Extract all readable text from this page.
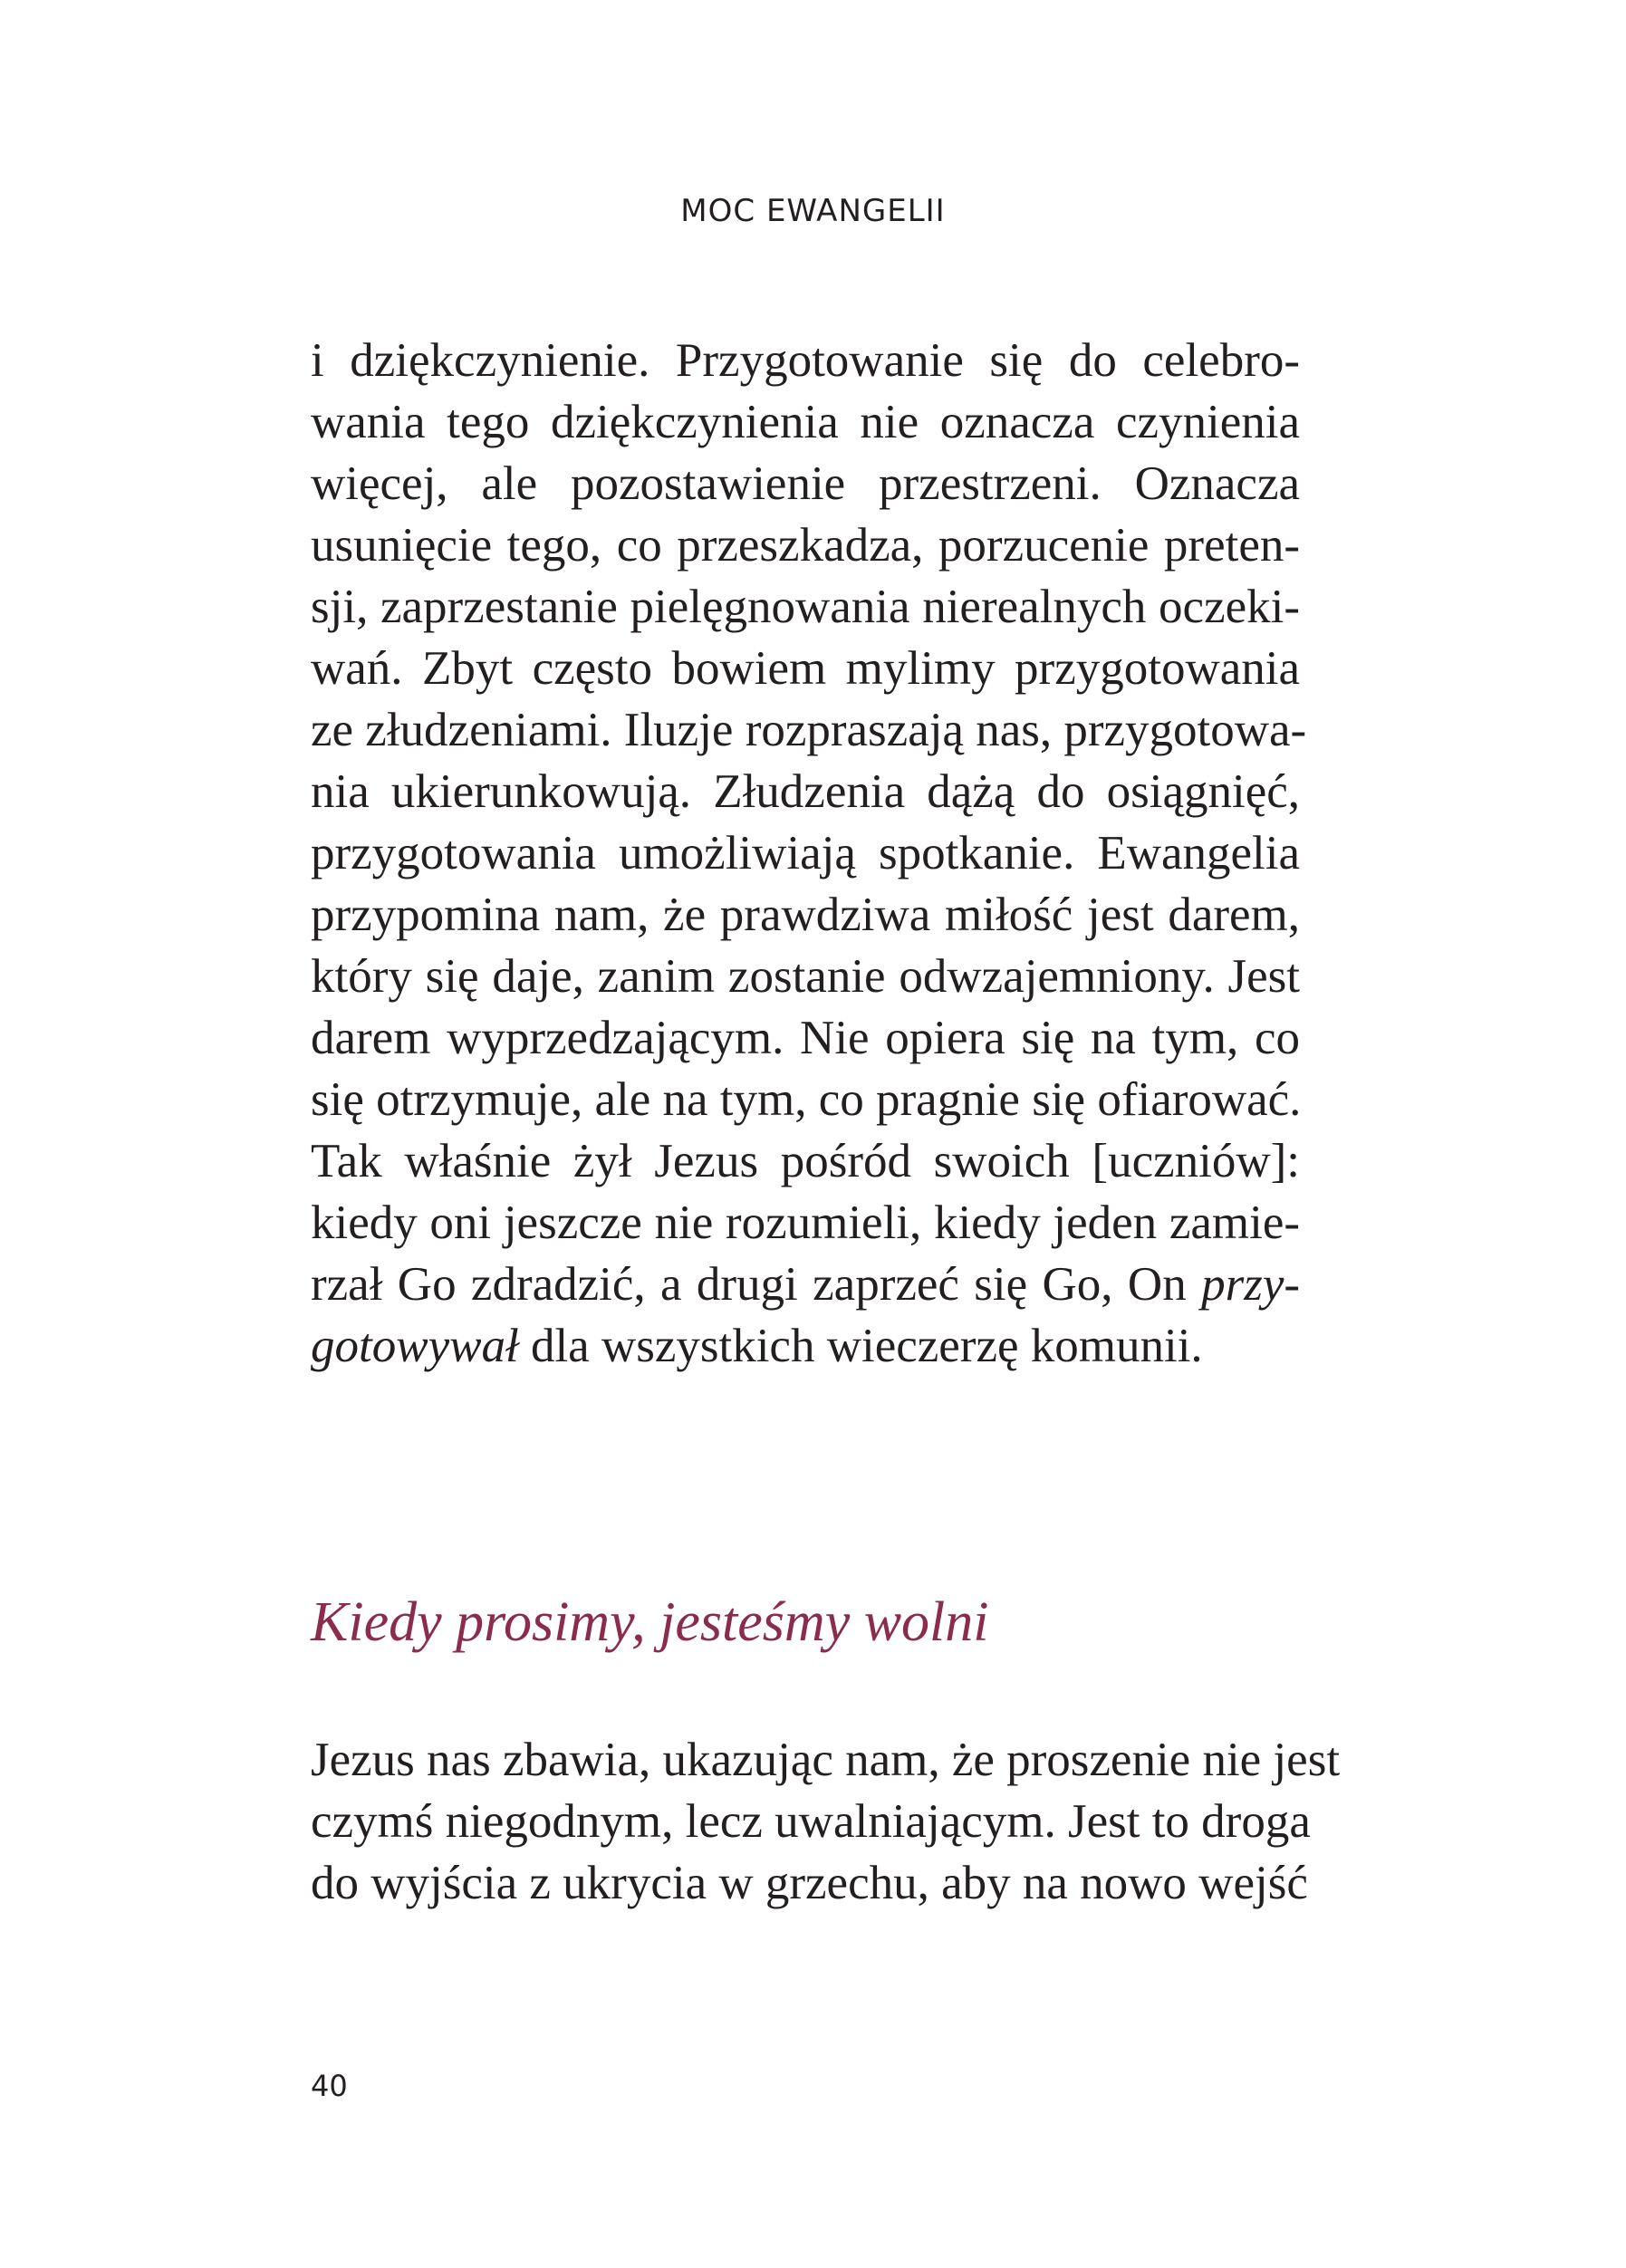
MOC EWANGELII
i dziękczynienie. Przygotowanie się do celebro-
wania tego dziękczynienia nie oznacza czynienia
więcej, ale pozostawienie przestrzeni. Oznacza
usunięcie tego, co przeszkadza, porzucenie preten-
sji, zaprzestanie pielęgnowania nierealnych oczeki-
wań. Zbyt często bowiem mylimy przygotowania
ze złudzeniami. Iluzje rozpraszają nas, przygotowa-
nia ukierunkowują. Złudzenia dążą do osiągnięć,
przygotowania umożliwiają spotkanie. Ewangelia
przypomina nam, że prawdziwa miłość jest darem,
który się daje, zanim zostanie odwzajemniony. Jest
darem wyprzedzającym. Nie opiera się na tym, co
się otrzymuje, ale na tym, co pragnie się ofiarować.
Tak właśnie żył Jezus pośród swoich [uczniów]:
kiedy oni jeszcze nie rozumieli, kiedy jeden zamie-
rzał Go zdradzić, a drugi zaprzeć się Go, On przy-
gotowywał dla wszystkich wieczerzę komunii.
Kiedy prosimy, jesteśmy wolni
Jezus nas zbawia, ukazując nam, że proszenie nie jest
czymś niegodnym, lecz uwalniającym. Jest to droga
do wyjścia z ukrycia w grzechu, aby na nowo wejść
40
